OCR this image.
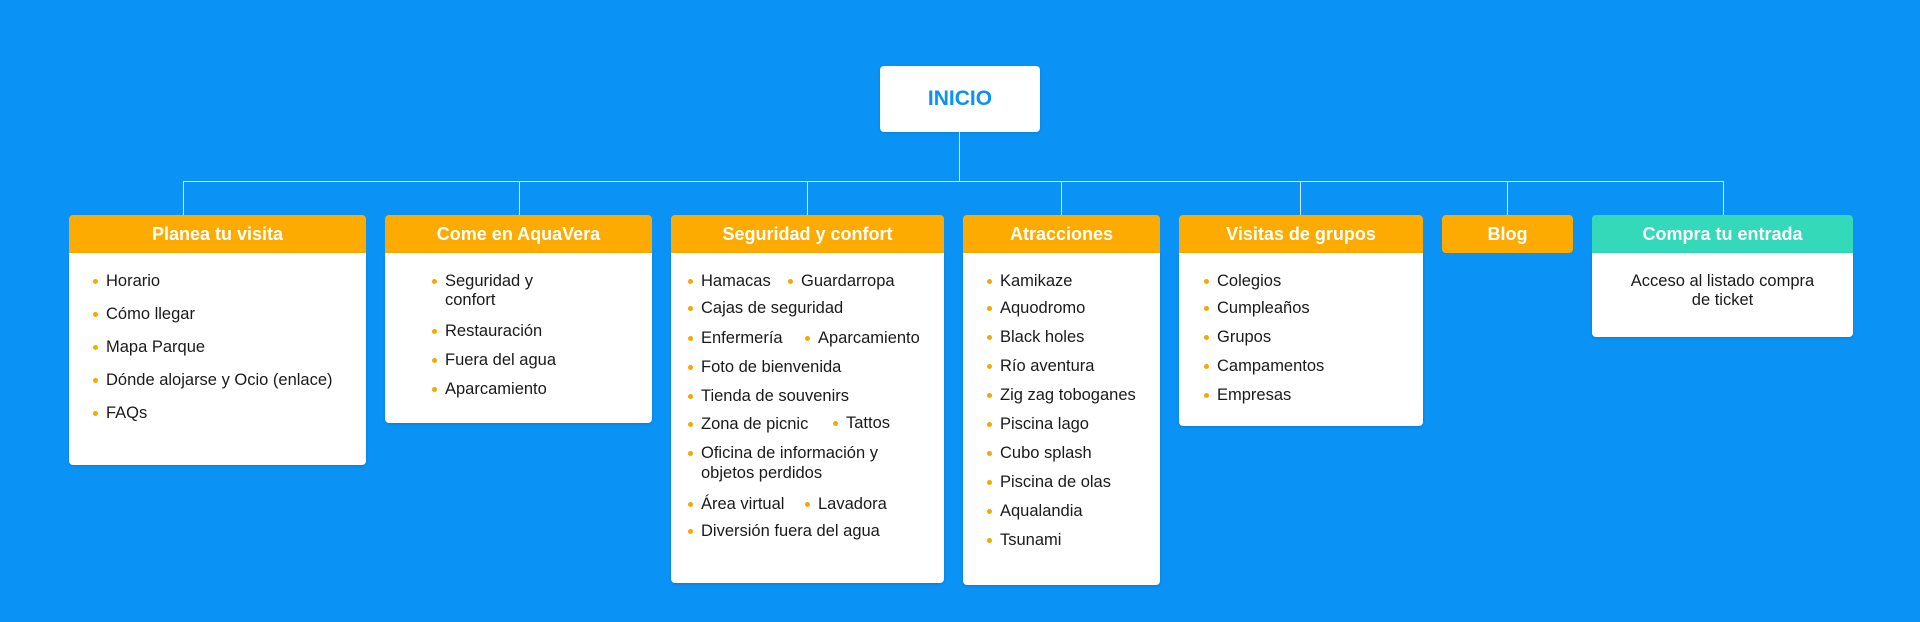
INICIO
Planea tu visita
Horario
Cómo llegar
Mapa Parque
Dónde alojarse y Ocio (enlace)
FAQs
Come en AquaVera
Seguridad y
confort
Restauración
Fuera del agua
Aparcamiento
Seguridad y confort
Hamacas Guardarropa
Cajas de seguridad
Enfermería Aparcamiento
Foto de bienvenida
Tienda de souvenirs
Zona de picnic Tattos
Oficina de información y
objetos perdidos
Área virtual Lavadora
Diversión fuera del agua
Atracciones
Kamikaze
Aquodromo
Black holes
Río aventura
Zig zag toboganes
Piscina lago
Cubo splash
Piscina de olas
Aqualandia
Tsunami
Visitas de grupos
Colegios
Cumpleaños
Grupos
Campamentos
Empresas
Blog	Compra tu entrada
Acceso al listado compra
de ticket
